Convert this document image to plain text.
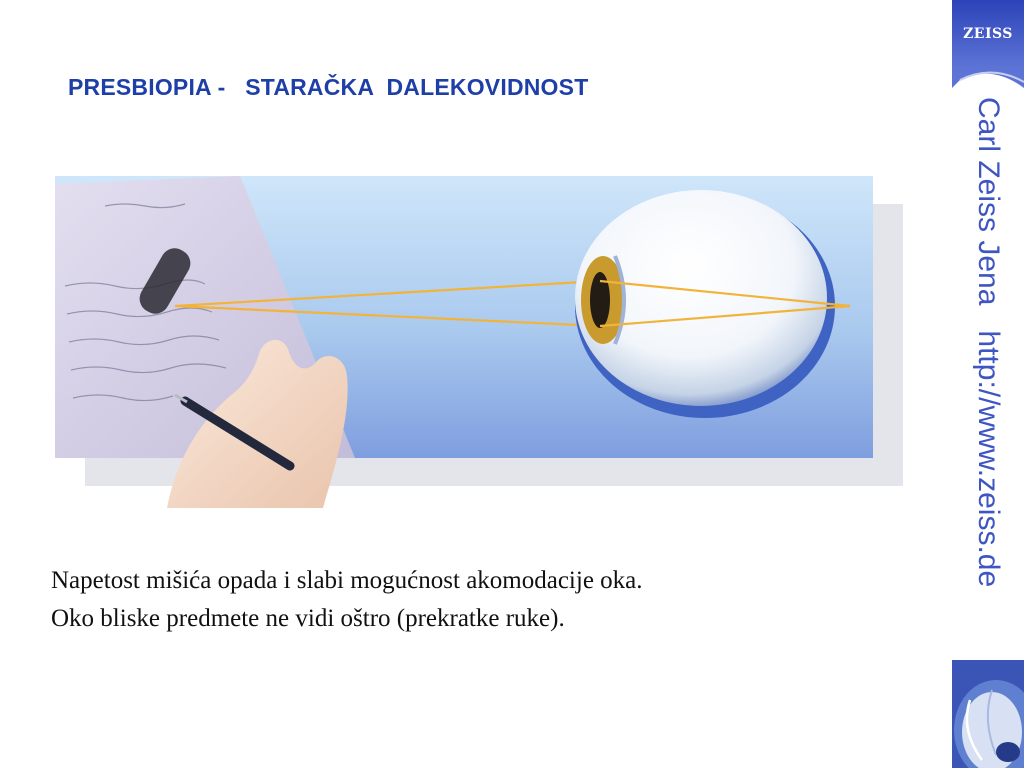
PRESBIOPIA -   STARAČKA  DALEKOVIDNOST

Napetost mišića opada i slabi mogućnost akomodacije oka.

Oko bliske predmete ne vidi oštro (prekratke ruke).

ZEISS
Carl Zeiss Jena   http://www.zeiss.de
